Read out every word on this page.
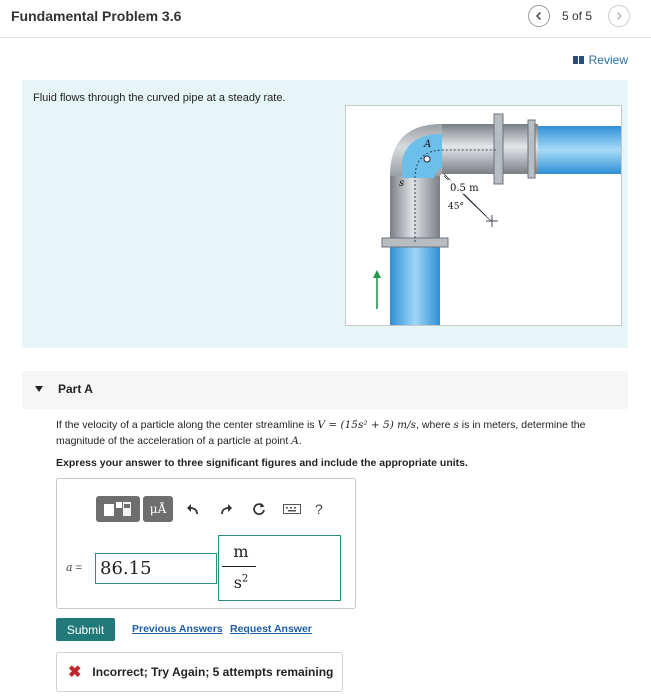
Fundamental Problem 3.6	5 of 5
Review
Fluid flows through the curved pipe at a steady rate.
A
s	0.5 m
45°
Part A
If the velocity of a particle along the center streamline is V = (15s² + 5) m/s, where s is in meters, determine the magnitude of the acceleration of a particle at point A.
Express your answer to three significant figures and include the appropriate units.
μÅ	?
a = 86.15
m
$s^2$
Submit	Previous Answers Request Answer
✖ Incorrect; Try Again; 5 attempts remaining
